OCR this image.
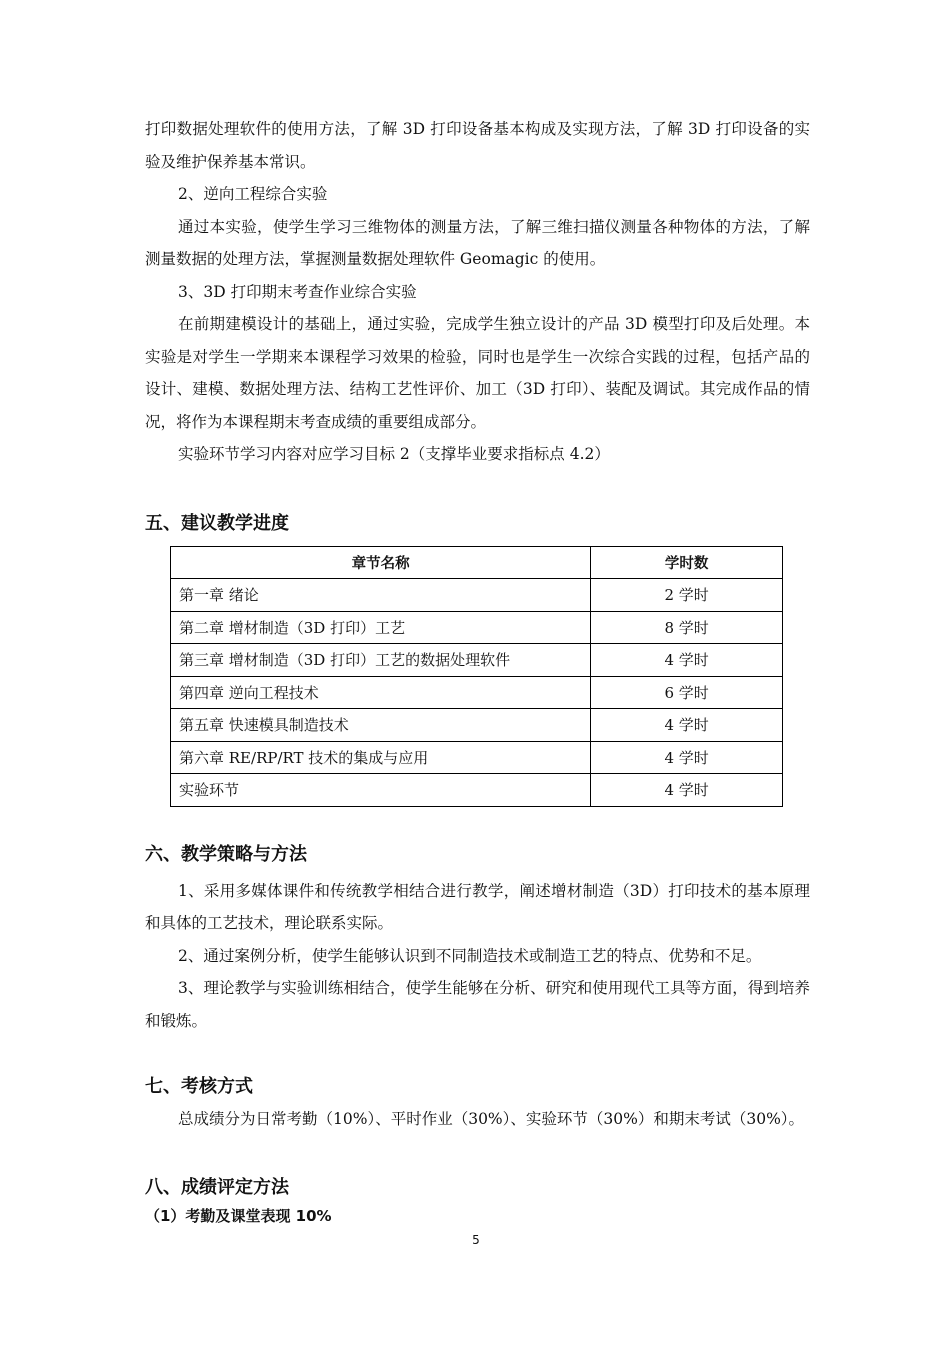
打印数据处理软件的使用方法，了解 3D 打印设备基本构成及实现方法，了解 3D 打印设备的实验及维护保养基本常识。

2、逆向工程综合实验

通过本实验，使学生学习三维物体的测量方法，了解三维扫描仪测量各种物体的方法，了解测量数据的处理方法，掌握测量数据处理软件 Geomagic 的使用。

3、3D 打印期末考查作业综合实验

在前期建模设计的基础上，通过实验，完成学生独立设计的产品 3D 模型打印及后处理。本实验是对学生一学期来本课程学习效果的检验，同时也是学生一次综合实践的过程，包括产品的设计、建模、数据处理方法、结构工艺性评价、加工（3D 打印）、装配及调试。其完成作品的情况，将作为本课程期末考查成绩的重要组成部分。

实验环节学习内容对应学习目标 2（支撑毕业要求指标点 4.2）

五、建议教学进度
章节名称	学时数
第一章 绪论	2 学时
第二章 增材制造（3D 打印）工艺	8 学时
第三章 增材制造（3D 打印）工艺的数据处理软件	4 学时
第四章 逆向工程技术	6 学时
第五章 快速模具制造技术	4 学时
第六章 RE/RP/RT 技术的集成与应用	4 学时
实验环节	4 学时
六、教学策略与方法

1、采用多媒体课件和传统教学相结合进行教学，阐述增材制造（3D）打印技术的基本原理和具体的工艺技术，理论联系实际。

2、通过案例分析，使学生能够认识到不同制造技术或制造工艺的特点、优势和不足。

3、理论教学与实验训练相结合，使学生能够在分析、研究和使用现代工具等方面，得到培养和锻炼。

七、考核方式

总成绩分为日常考勤（10%）、平时作业（30%）、实验环节（30%）和期末考试（30%）。

八、成绩评定方法
（1）考勤及课堂表现 10%
5
